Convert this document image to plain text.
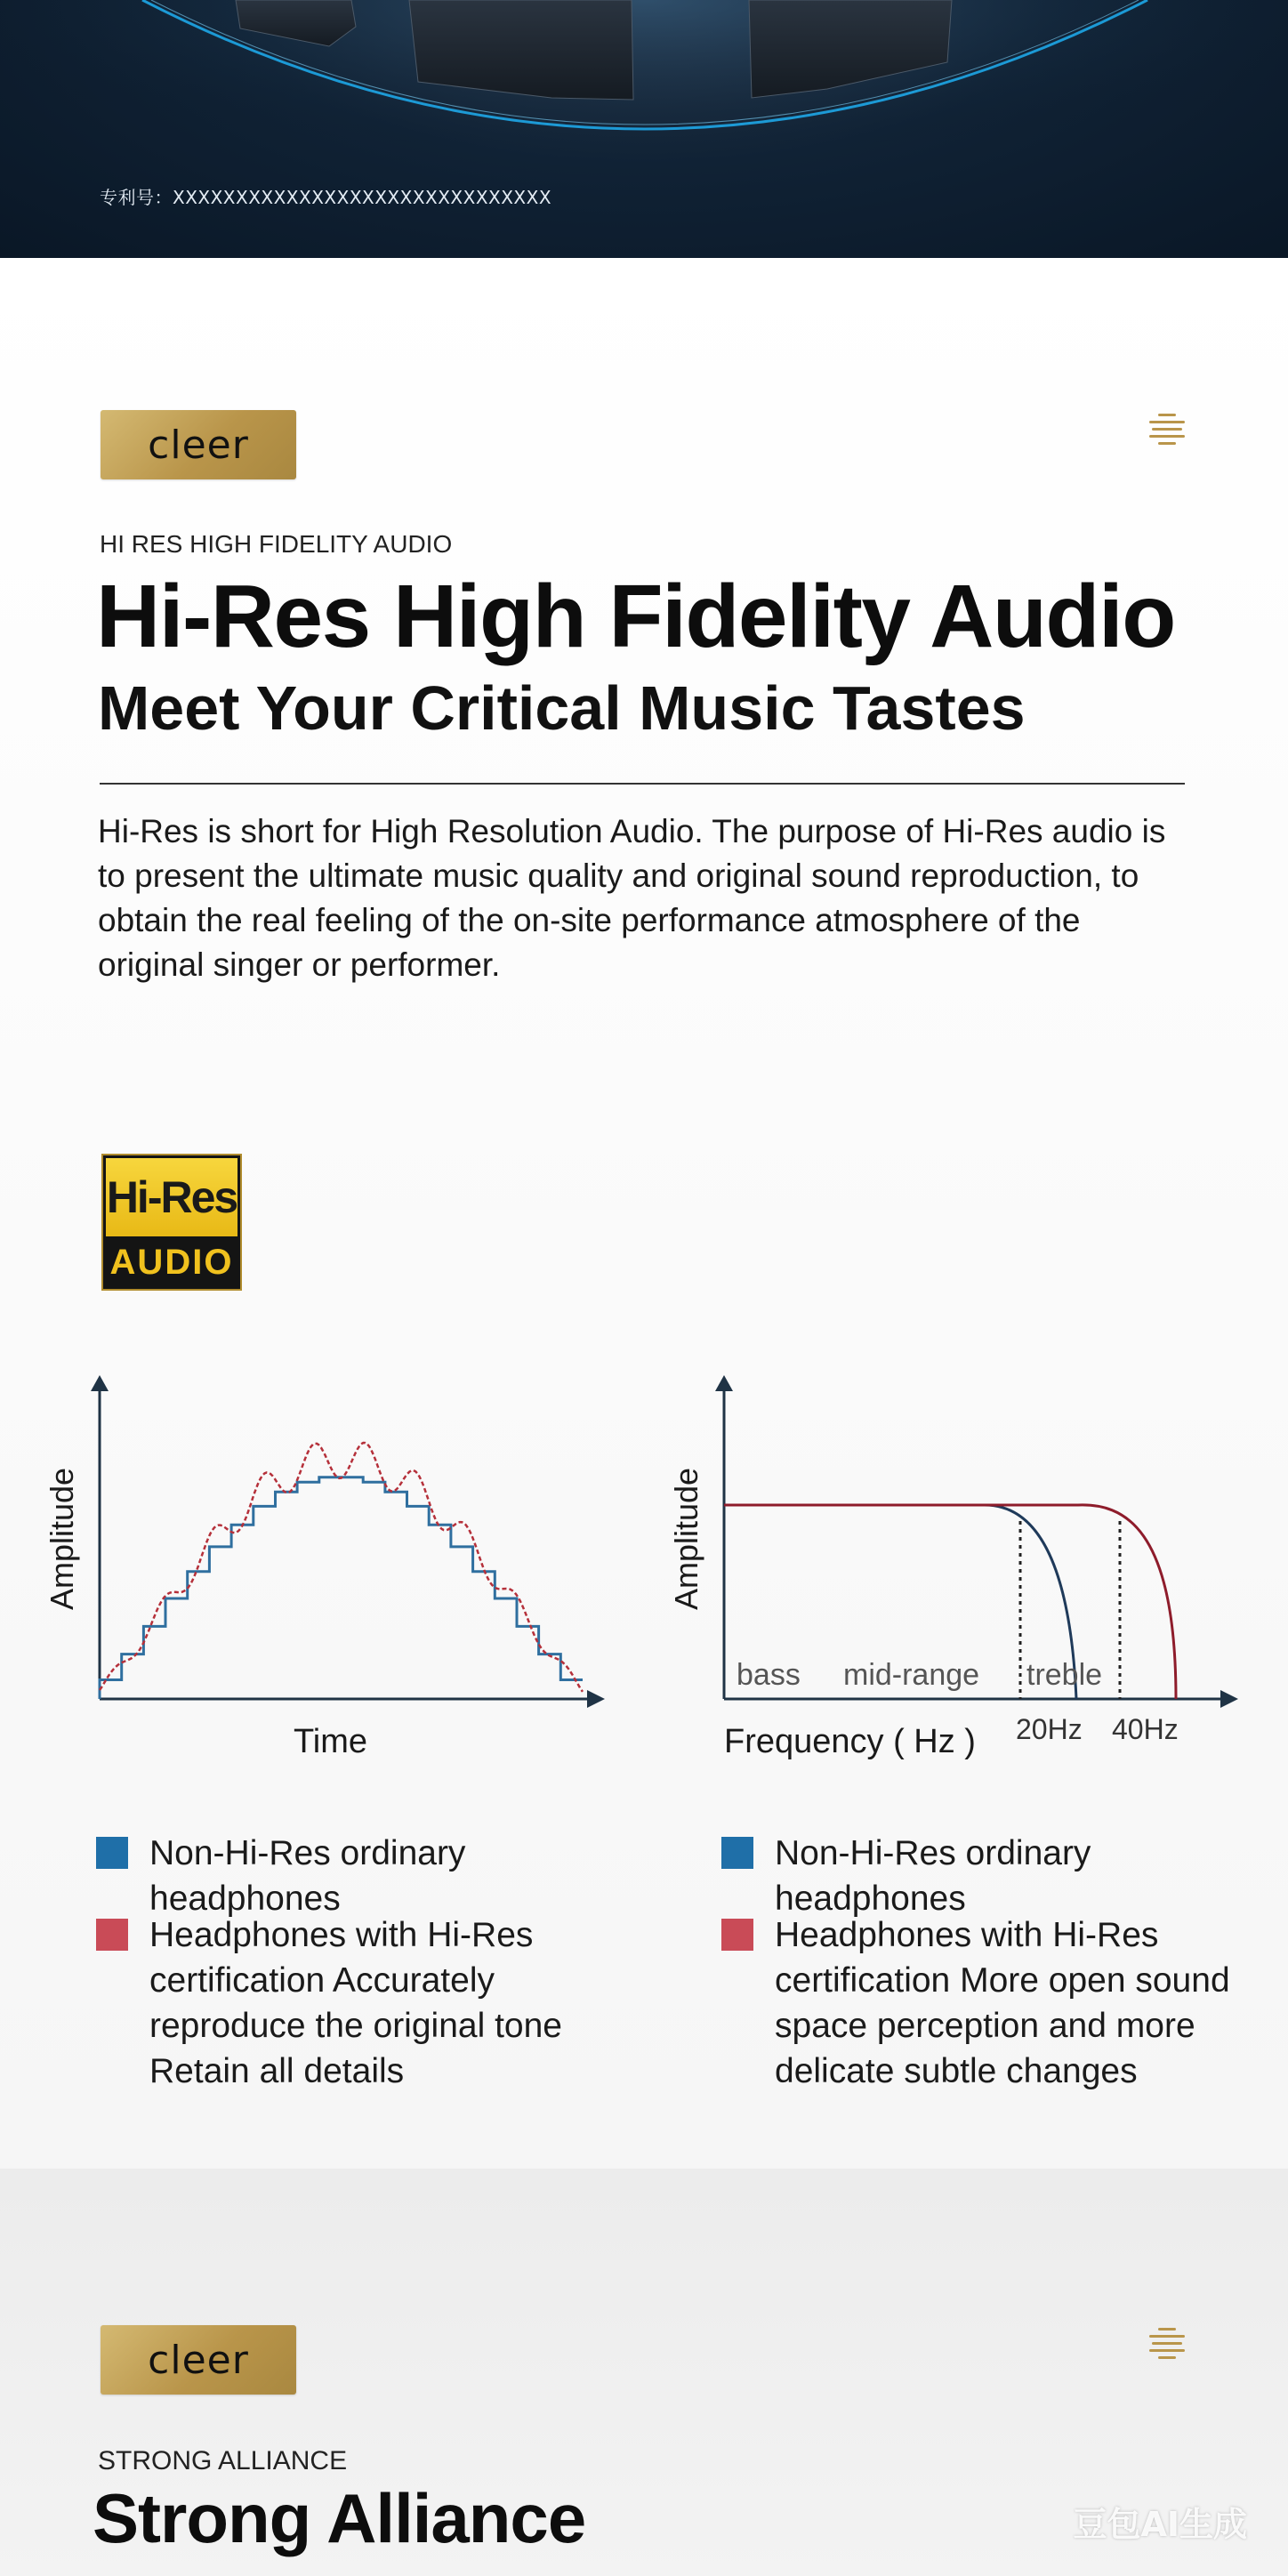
专利号：XXXXXXXXXXXXXXXXXXXXXXXXXXXXXX
cleer
HI RES HIGH FIDELITY AUDIO
Hi-Res High Fidelity Audio
Meet Your Critical Music Tastes
Hi-Res is short for High Resolution Audio. The purpose of Hi-Res audio is to present the ultimate music quality and original sound reproduction, to obtain the real feeling of the on-site performance atmosphere of the original singer or performer.
Hi-Res
AUDIO
Amplitude
Time
Amplitude
bass mid-range treble
Frequency ( Hz ) 20Hz 40Hz
Non-Hi-Res ordinary headphones
Headphones with Hi-Res
certification Accurately
reproduce the original tone
Retain all details
Non-Hi-Res ordinary headphones
Headphones with Hi-Res
certification More open sound
space perception and more
delicate subtle changes
cleer
STRONG ALLIANCE
Strong Alliance	豆包AI生成
